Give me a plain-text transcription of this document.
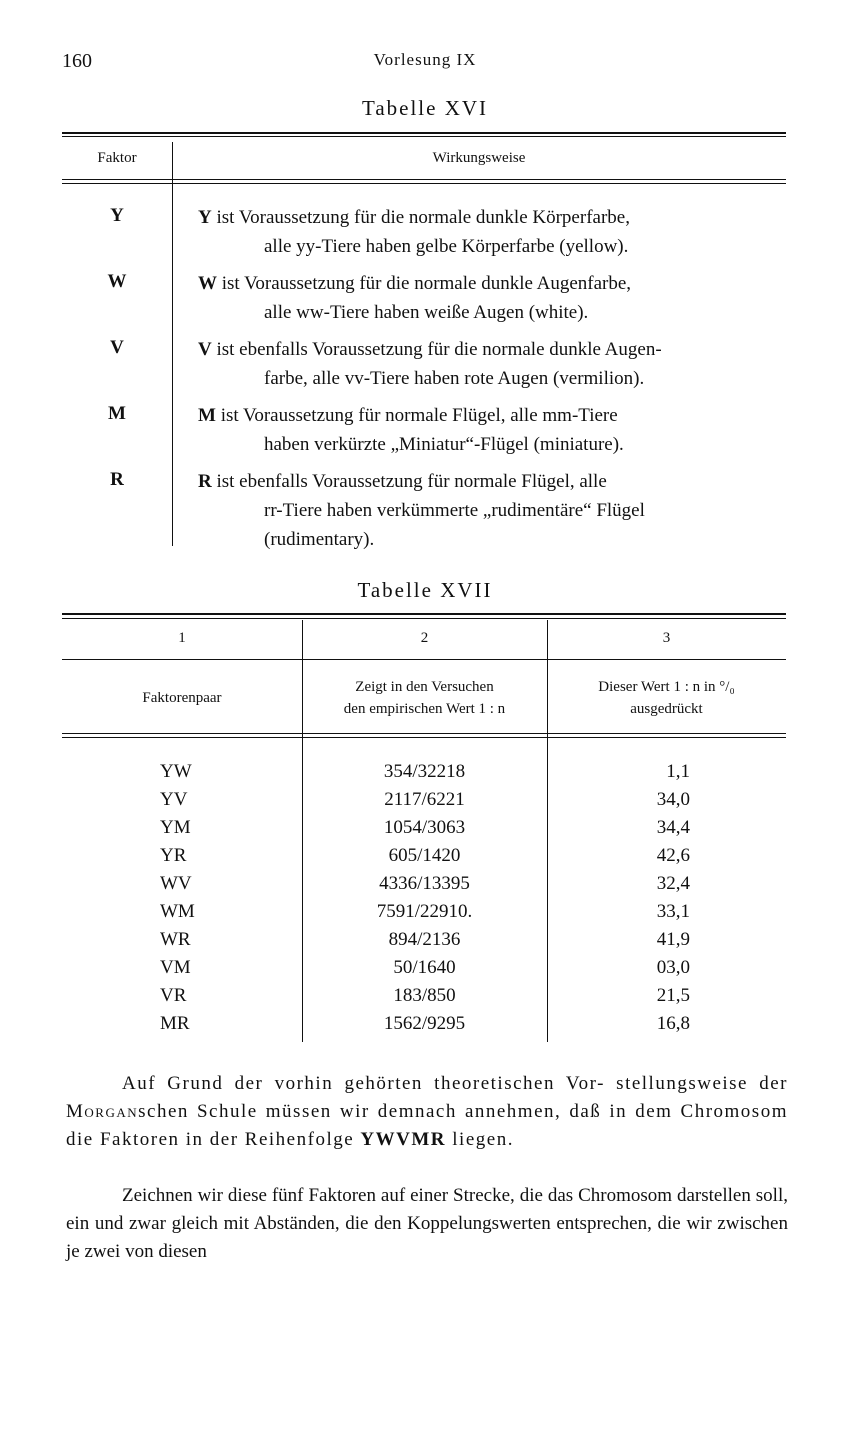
160	Vorlesung IX
Tabelle XVI
Faktor	Wirkungsweise
Y	Y ist Voraussetzung für die normale dunkle Körperfarbe,
alle yy-Tiere haben gelbe Körperfarbe (yellow).
W	W ist Voraussetzung für die normale dunkle Augenfarbe,
alle ww-Tiere haben weiße Augen (white).
V	V ist ebenfalls Voraussetzung für die normale dunkle Augen-
farbe, alle vv-Tiere haben rote Augen (vermilion).
M	M ist Voraussetzung für normale Flügel, alle mm-Tiere
haben verkürzte „Miniatur“-Flügel (miniature).
R	R ist ebenfalls Voraussetzung für normale Flügel, alle
rr-Tiere haben verkümmerte „rudimentäre“ Flügel
(rudimentary).
Tabelle XVII
1	2	3
Faktorenpaar
Zeigt in den Versuchen
den empirischen Wert 1 : n
Dieser Wert 1 : n in °/₀
ausgedrückt
YW	354/32218	1,1
YV	2117/6221	34,0
YM	1054/3063	34,4
YR	605/1420	42,6
WV	4336/13395	32,4
WM	7591/22910.	33,1
WR	894/2136	41,9
VM	50/1640	03,0
VR	183/850	21,5
MR	1562/9295	16,8
Auf Grund der vorhin gehörten theoretischen Vor- stellungsweise der Morganschen Schule müssen wir demnach annehmen, daß in dem Chromosom die Faktoren in der Reihenfolge YWVMR liegen.
Zeichnen wir diese fünf Faktoren auf einer Strecke, die das Chromosom darstellen soll, ein und zwar gleich mit Abständen, die den Koppelungswerten entsprechen, die wir zwischen je zwei von diesen
